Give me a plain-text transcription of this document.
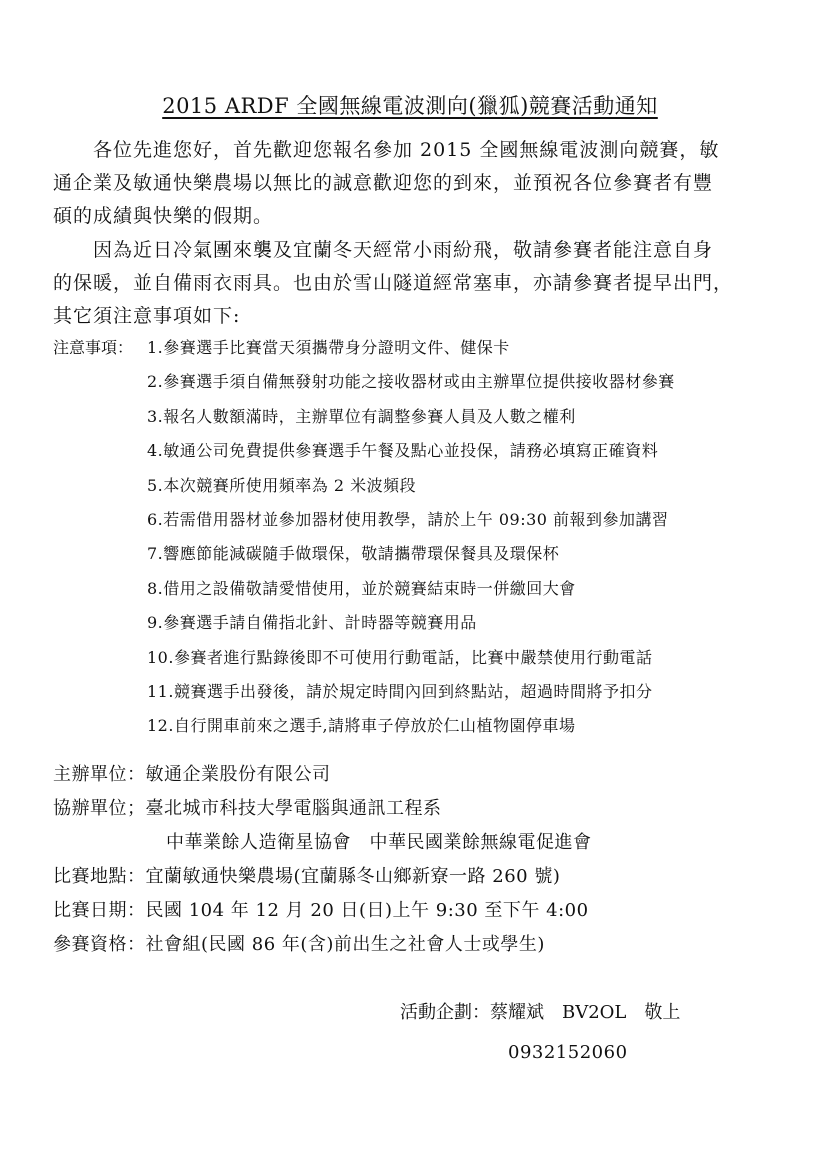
2015 ARDF 全國無線電波測向(獵狐)競賽活動通知
　　各位先進您好，首先歡迎您報名參加 2015 全國無線電波測向競賽，敏
通企業及敏通快樂農場以無比的誠意歡迎您的到來，並預祝各位參賽者有豐
碩的成績與快樂的假期。
　　因為近日冷氣團來襲及宜蘭冬天經常小雨紛飛，敬請參賽者能注意自身
的保暖，並自備雨衣雨具。也由於雪山隧道經常塞車，亦請參賽者提早出門，
其它須注意事項如下:
注意事項： 1.參賽選手比賽當天須攜帶身分證明文件、健保卡
2.參賽選手須自備無發射功能之接收器材或由主辦單位提供接收器材參賽
3.報名人數額滿時，主辦單位有調整參賽人員及人數之權利
4.敏通公司免費提供參賽選手午餐及點心並投保，請務必填寫正確資料
5.本次競賽所使用頻率為 2 米波頻段
6.若需借用器材並參加器材使用教學，請於上午 09:30 前報到參加講習
7.響應節能減碳隨手做環保，敬請攜帶環保餐具及環保杯
8.借用之設備敬請愛惜使用，並於競賽結束時一併繳回大會
9.參賽選手請自備指北針、計時器等競賽用品
10.參賽者進行點錄後即不可使用行動電話，比賽中嚴禁使用行動電話
11.競賽選手出發後，請於規定時間內回到終點站，超過時間將予扣分
12.自行開車前來之選手,請將車子停放於仁山植物園停車場
主辦單位：敏通企業股份有限公司
協辦單位；臺北城市科技大學電腦與通訊工程系
中華業餘人造衛星協會　中華民國業餘無線電促進會
比賽地點：宜蘭敏通快樂農場(宜蘭縣冬山鄉新寮一路 260 號)
比賽日期：民國 104 年 12 月 20 日(日)上午 9:30 至下午 4:00
參賽資格：社會組(民國 86 年(含)前出生之社會人士或學生)
活動企劃：蔡耀斌　BV2OL　敬上
0932152060
